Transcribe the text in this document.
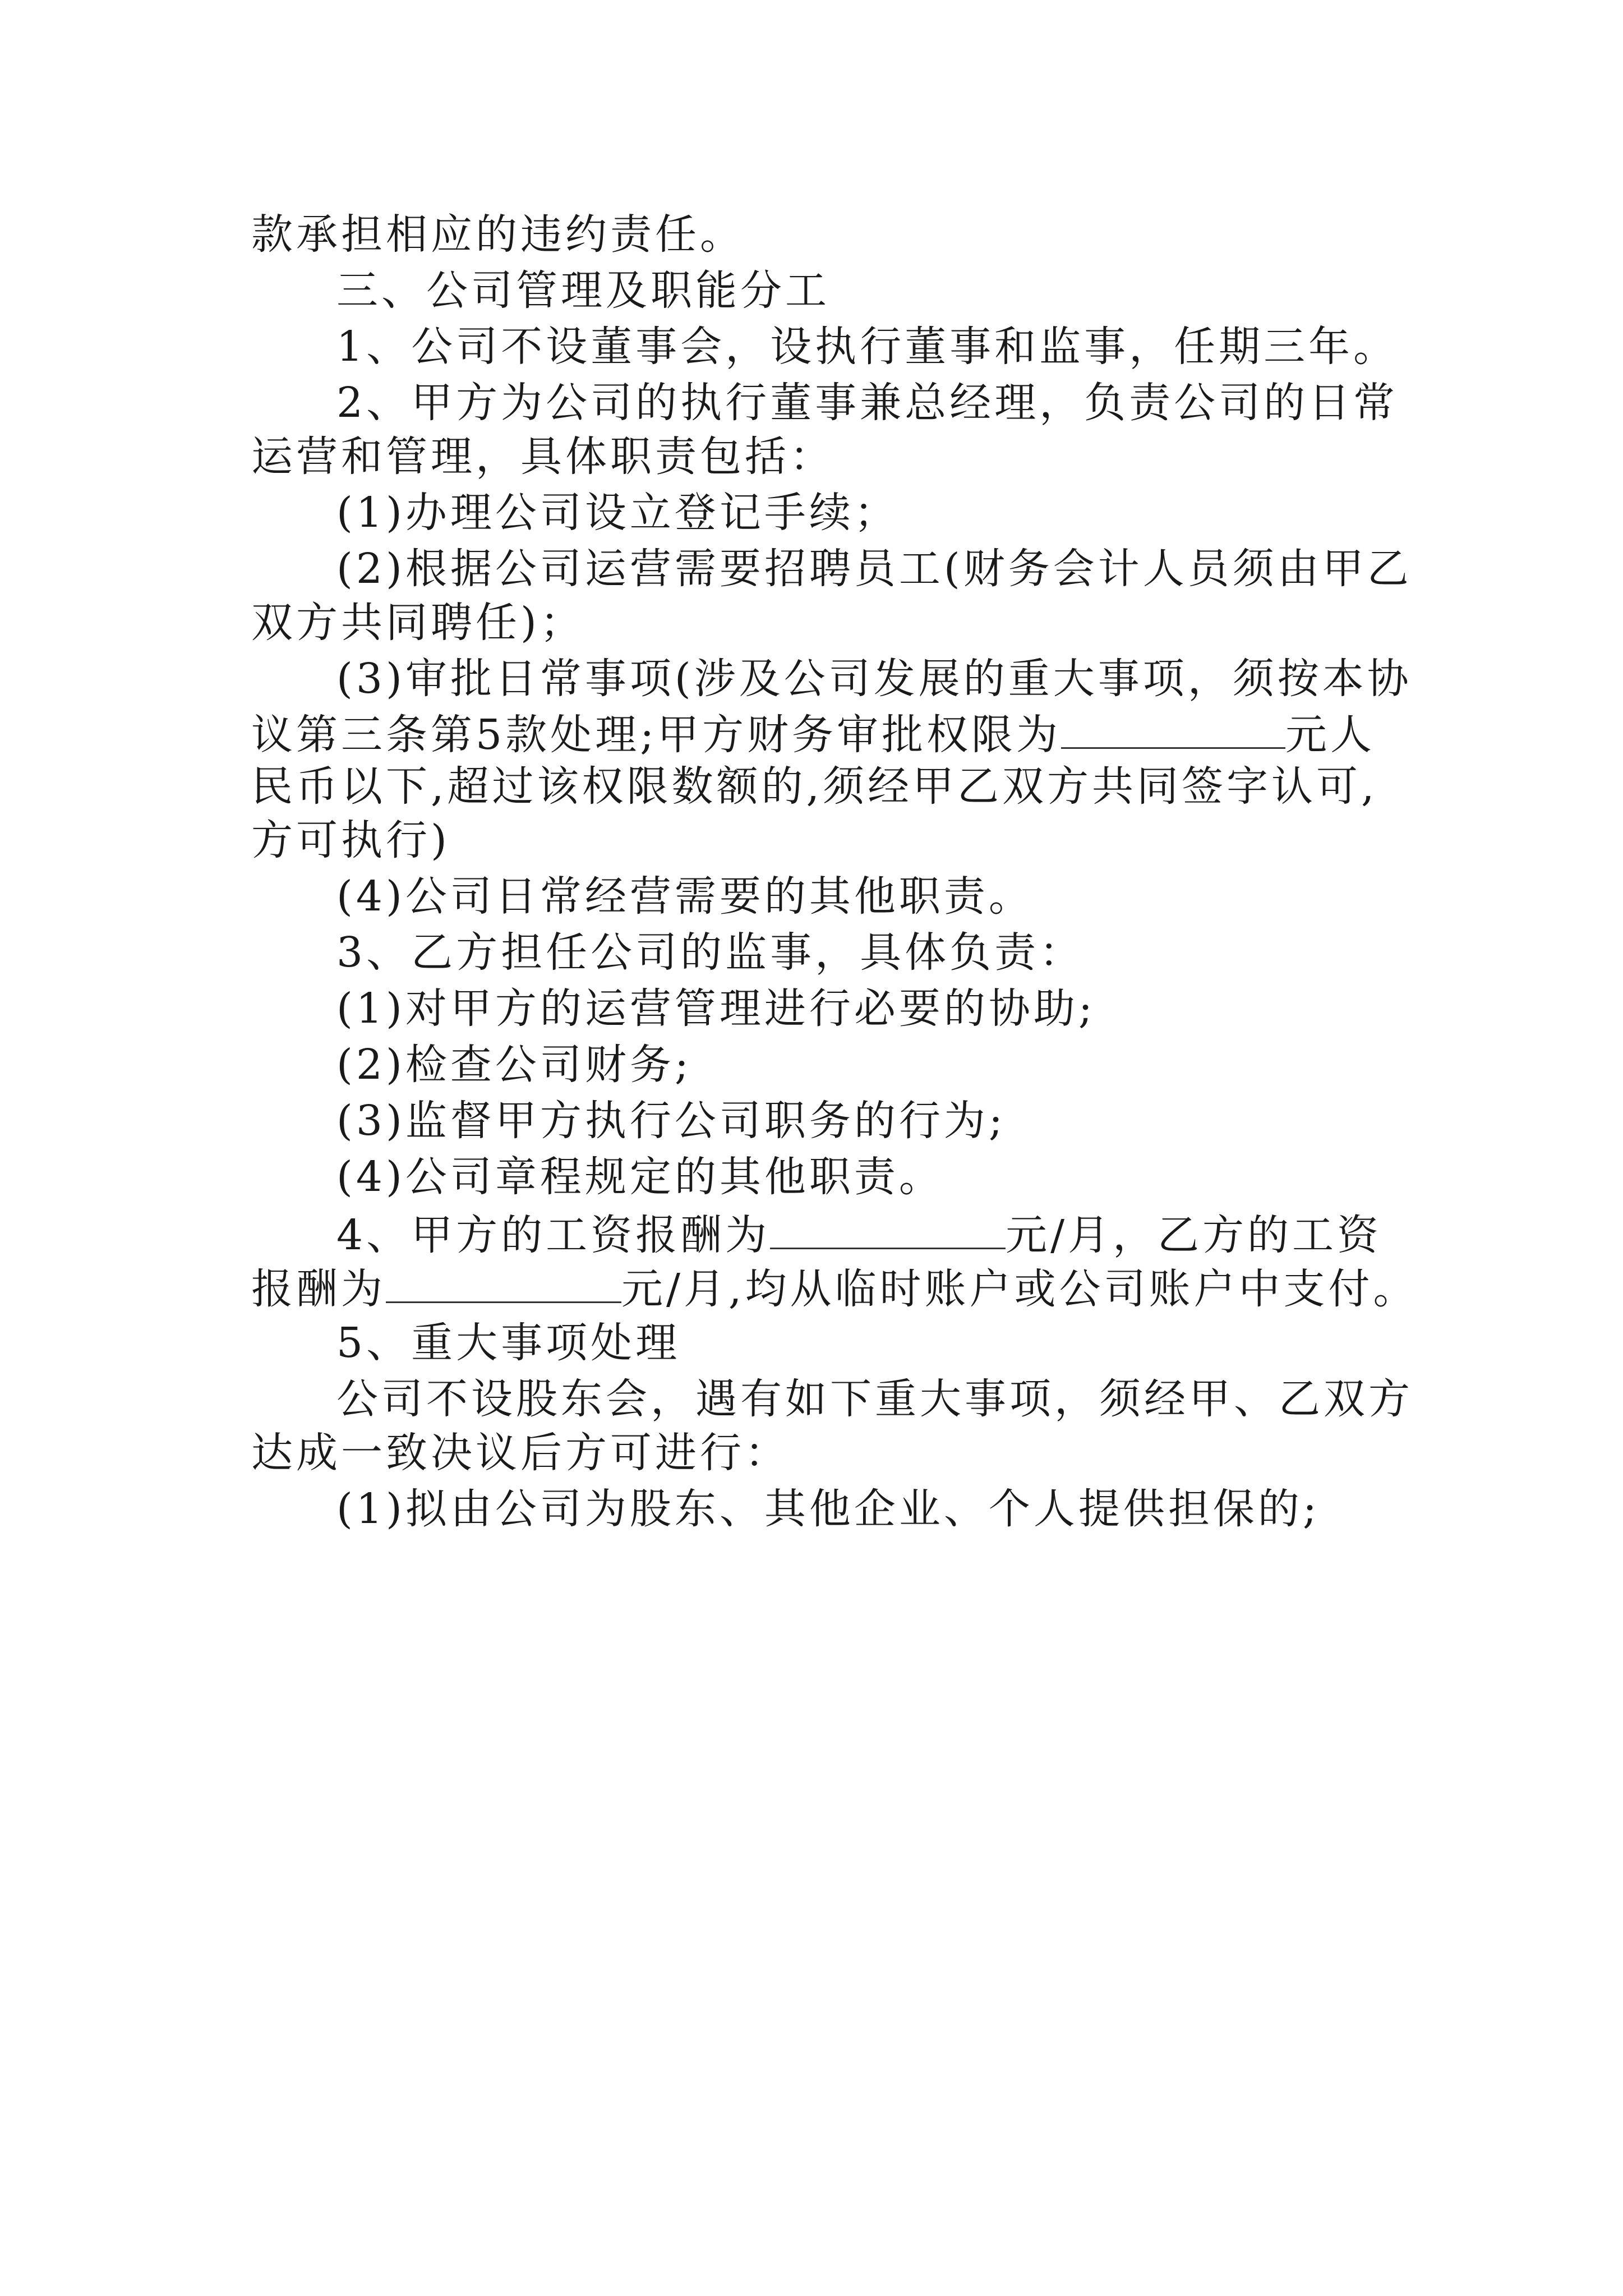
款承担相应的违约责任。
三、公司管理及职能分工
1、公司不设董事会，设执行董事和监事，任期三年。
2、甲方为公司的执行董事兼总经理，负责公司的日常
运营和管理，具体职责包括：
(1)办理公司设立登记手续；
(2)根据公司运营需要招聘员工(财务会计人员须由甲乙
双方共同聘任)；
(3)审批日常事项(涉及公司发展的重大事项，须按本协
议第三条第5款处理;甲方财务审批权限为	元人
民币以下,超过该权限数额的,须经甲乙双方共同签字认可,
方可执行)
(4)公司日常经营需要的其他职责。
3、乙方担任公司的监事，具体负责：
(1)对甲方的运营管理进行必要的协助;
(2)检查公司财务;
(3)监督甲方执行公司职务的行为;
(4)公司章程规定的其他职责。
4、甲方的工资报酬为	元/月，乙方的工资
报酬为	元/月,均从临时账户或公司账户中支付。
5、重大事项处理
公司不设股东会，遇有如下重大事项，须经甲、乙双方
达成一致决议后方可进行：
(1)拟由公司为股东、其他企业、个人提供担保的;
